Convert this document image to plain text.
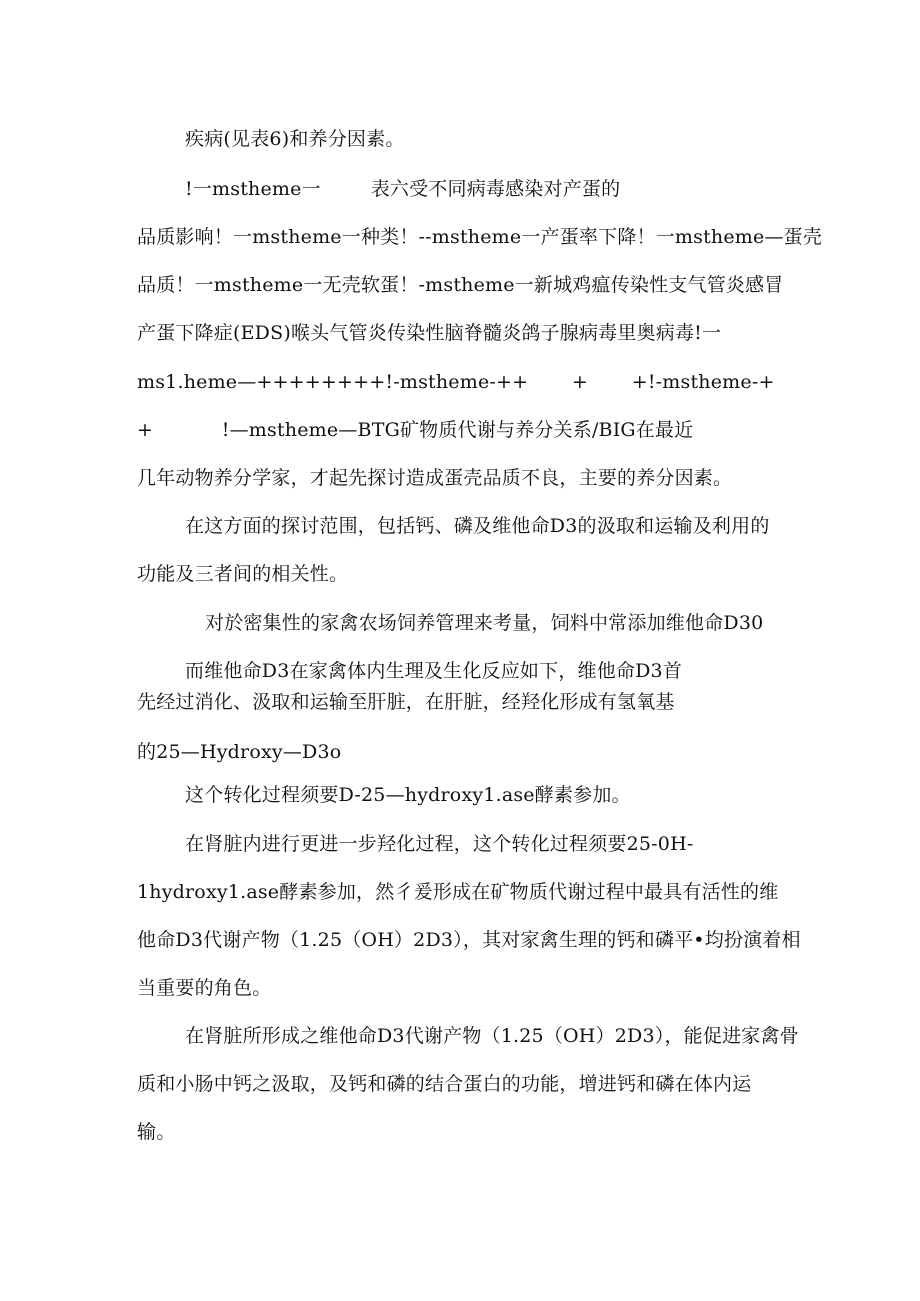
疾病(见表6)和养分因素。
!一mstheme一        表六受不同病毒感染对产蛋的
品质影响！一mstheme一种类！--mstheme一产蛋率下降！一mstheme—蛋壳
品质！一mstheme一无壳软蛋！-mstheme一新城鸡瘟传染性支气管炎感冒
产蛋下降症(EDS)喉头气管炎传染性脑脊髓炎鸽子腺病毒里奥病毒!一
ms1.heme—++++++++!-mstheme-++       +       +!-mstheme-+
+           !—mstheme—BTG矿物质代谢与养分关系/BIG在最近
几年动物养分学家，才起先探讨造成蛋壳品质不良，主要的养分因素。
在这方面的探讨范围，包括钙、磷及维他命D3的汲取和运输及利用的
功能及三者间的相关性。
对於密集性的家禽农场饲养管理来考量，饲料中常添加维他命D30
而维他命D3在家禽体内生理及生化反应如下，维他命D3首
先经过消化、汲取和运输至肝脏，在肝脏，经羟化形成有氢氧基
的25—Hydroxy—D3o
这个转化过程须要D-25—hydroxy1.ase酵素参加。
在肾脏内进行更进一步羟化过程，这个转化过程须要25-0H-
1hydroxy1.ase酵素参加，然彳爰形成在矿物质代谢过程中最具有活性的维
他命D3代谢产物（1.25（OH）2D3），其对家禽生理的钙和磷平•均扮演着相
当重要的角色。
在肾脏所形成之维他命D3代谢产物（1.25（OH）2D3），能促进家禽骨
质和小肠中钙之汲取，及钙和磷的结合蛋白的功能，增进钙和磷在体内运
输。
